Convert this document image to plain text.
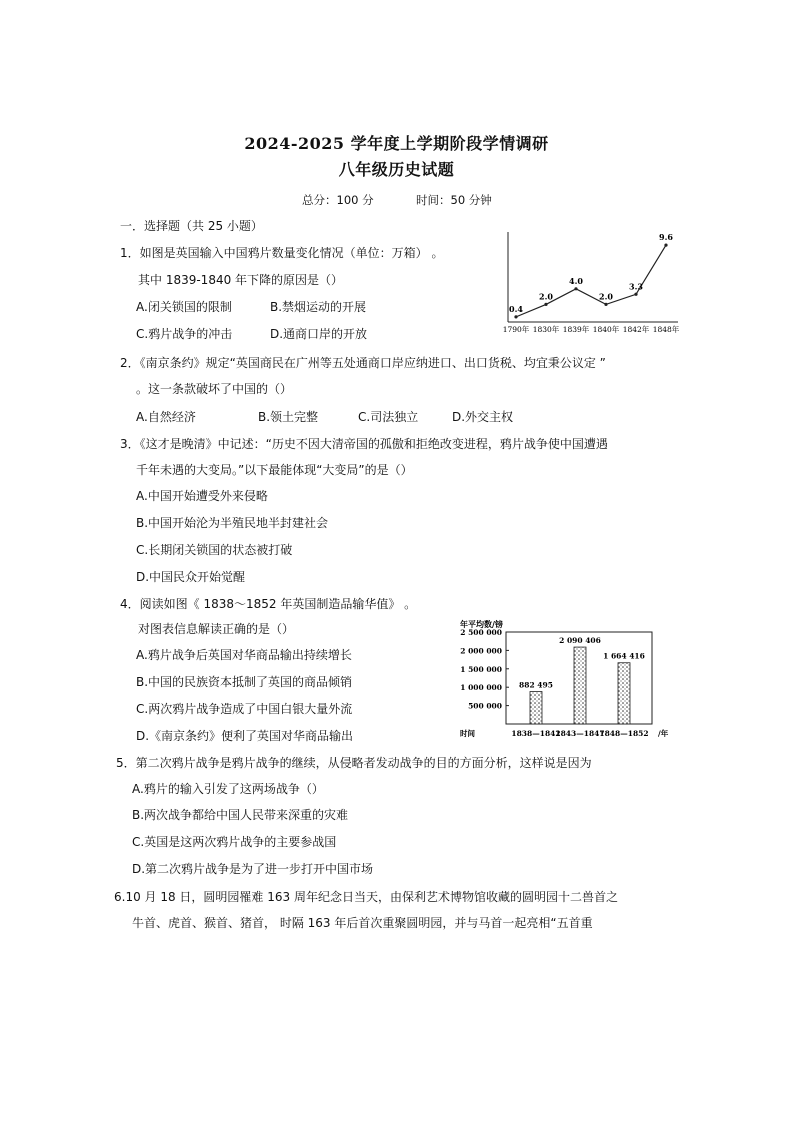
2024-2025 学年度上学期阶段学情调研
八年级历史试题
总分：100 分	时间：50 分钟
一．选择题（共 25 小题）
1．如图是英国输入中国鸦片数量变化情况（单位：万箱） 。
其中 1839-1840 年下降的原因是（）
A.闭关锁国的限制	B.禁烟运动的开展
C.鸦片战争的冲击	D.通商口岸的开放
0.4
2.0
4.0
2.0
3.3
9.6
1790年 1830年 1839年 1840年 1842年 1848年
2．《南京条约》规定“英国商民在广州等五处通商口岸应纳进口、出口货税、均宜秉公议定 ”
。这一条款破坏了中国的（）
A.自然经济	B.领土完整	C.司法独立	D.外交主权
3．《这才是晚清》中记述：“历史不因大清帝国的孤傲和拒绝改变进程，鸦片战争使中国遭遇
千年未遇的大变局。”以下最能体现“大变局”的是（）
A.中国开始遭受外来侵略
B.中国开始沦为半殖民地半封建社会
C.长期闭关锁国的状态被打破
D.中国民众开始觉醒
4．阅读如图《 1838～1852 年英国制造品输华值》 。
对图表信息解读正确的是（）
A.鸦片战争后英国对华商品输出持续增长
B.中国的民族资本抵制了英国的商品倾销
C.两次鸦片战争造成了中国白银大量外流
D.《南京条约》便利了英国对华商品输出
年平均数/镑
2 500 000
2 000 000
1 500 000
1 000 000
500 000
882 495
2 090 406
1 664 416
时间	1838—1842
1843—1847
1848—1852 /年
5．第二次鸦片战争是鸦片战争的继续，从侵略者发动战争的目的方面分析，这样说是因为
A.鸦片的输入引发了这两场战争（）
B.两次战争都给中国人民带来深重的灾难
C.英国是这两次鸦片战争的主要参战国
D.第二次鸦片战争是为了进一步打开中国市场
6.10 月 18 日，圆明园罹难 163 周年纪念日当天，由保利艺术博物馆收藏的圆明园十二兽首之
牛首、虎首、猴首、猪首， 时隔 163 年后首次重聚圆明园，并与马首一起亮相“五首重
